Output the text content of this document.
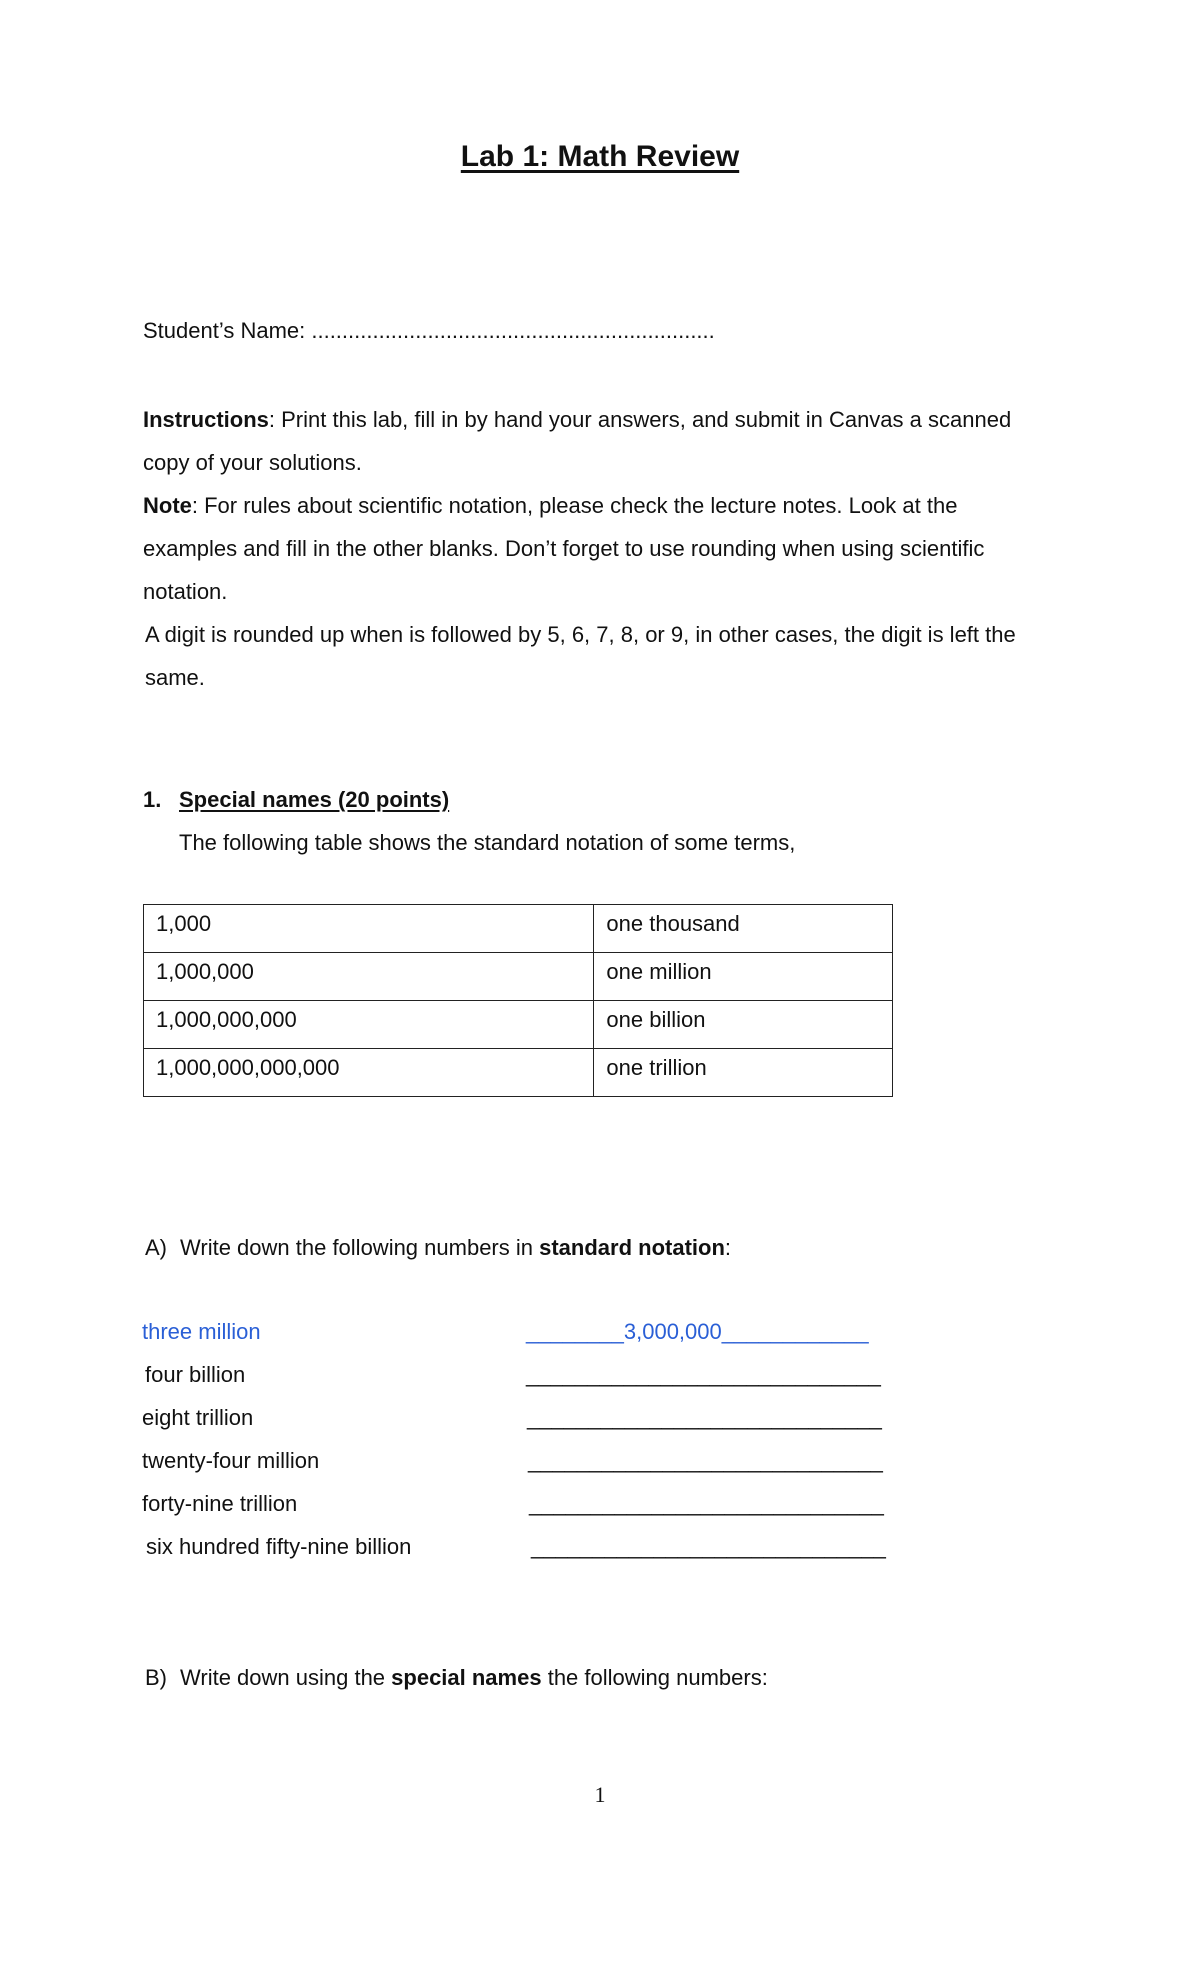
Lab 1: Math Review
Student’s Name: ..................................................................

Instructions: Print this lab, fill in by hand your answers, and submit in Canvas a scanned copy of your solutions.

Note: For rules about scientific notation, please check the lecture notes. Look at the examples and fill in the other blanks. Don’t forget to use rounding when using scientific notation.

A digit is rounded up when is followed by 5, 6, 7, 8, or 9, in other cases, the digit is left the same.

1. Special names (20 points)
The following table shows the standard notation of some terms,
1,000	one thousand
1,000,000	one million
1,000,000,000	one billion
1,000,000,000,000	one trillion
A) Write down the following numbers in standard notation:
three million	________3,000,000____________
four billion	_____________________________
eight trillion	_____________________________
twenty-four million	_____________________________
forty-nine trillion	_____________________________
six hundred fifty-nine billion	_____________________________
B) Write down using the special names the following numbers:
1
